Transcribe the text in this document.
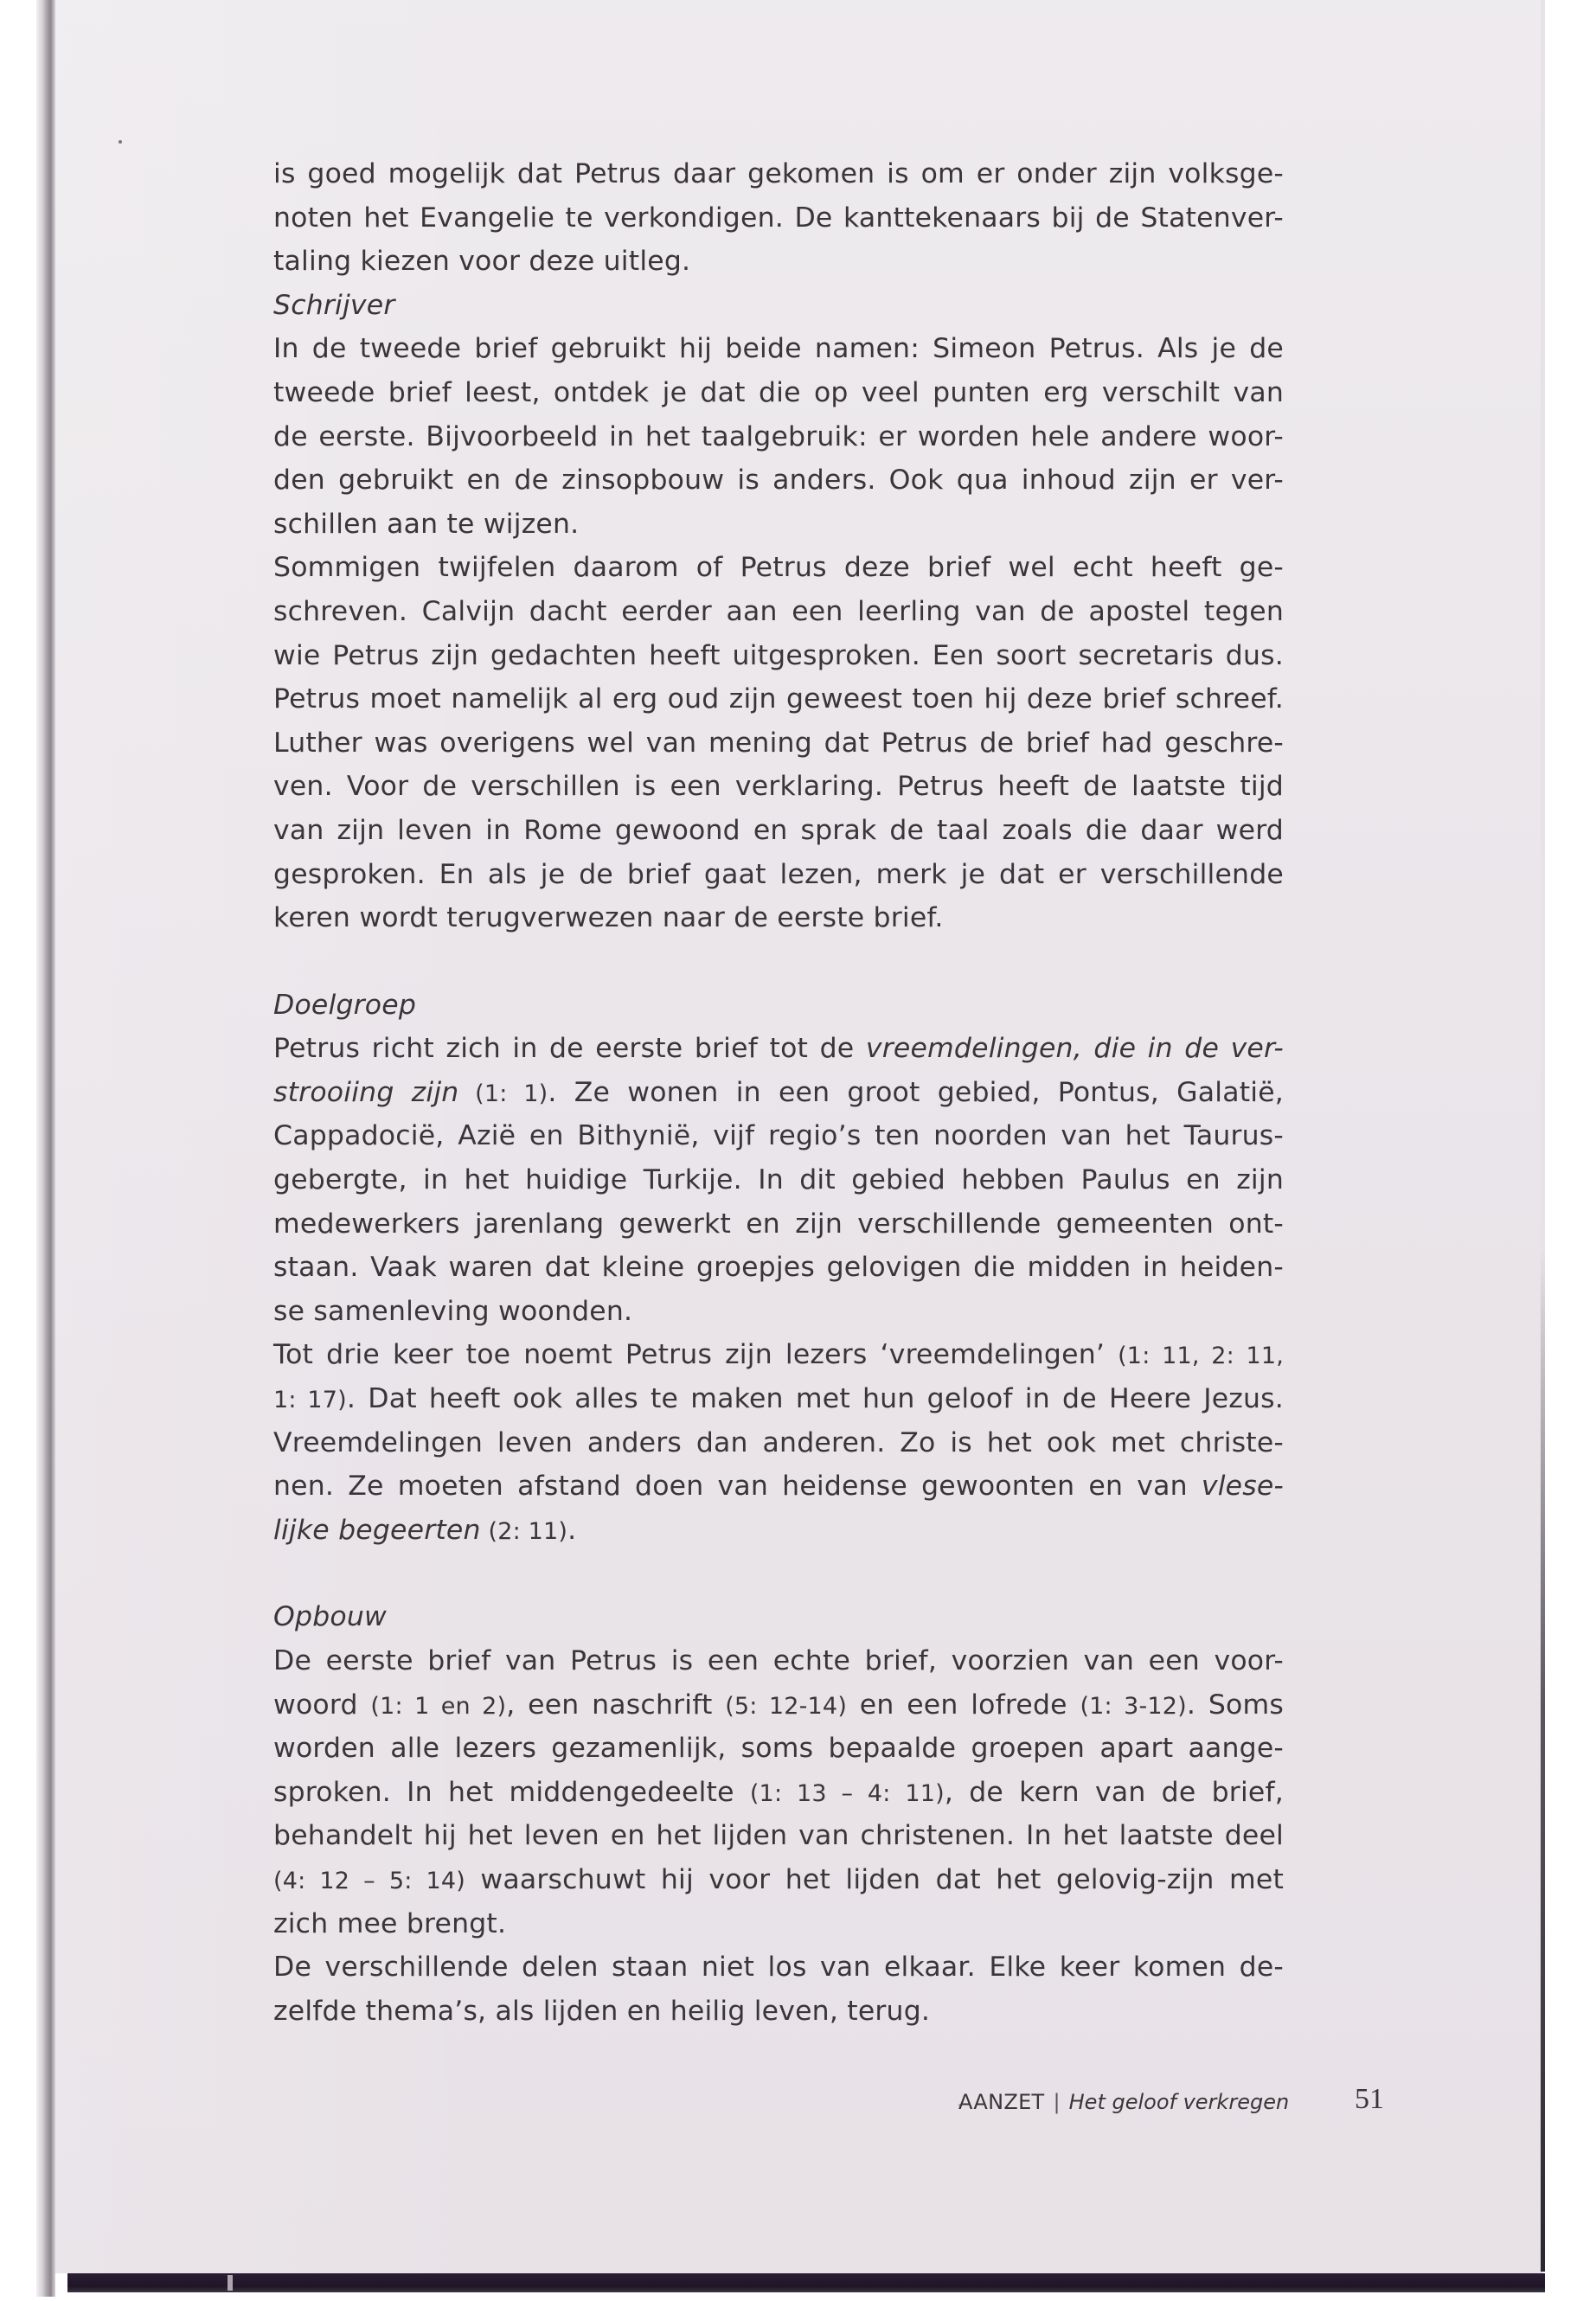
is goed mogelijk dat Petrus daar gekomen is om er onder zijn volksge-
noten het Evangelie te verkondigen. De kanttekenaars bij de Statenver-
taling kiezen voor deze uitleg.
Schrijver
In de tweede brief gebruikt hij beide namen: Simeon Petrus. Als je de
tweede brief leest, ontdek je dat die op veel punten erg verschilt van
de eerste. Bijvoorbeeld in het taalgebruik: er worden hele andere woor-
den gebruikt en de zinsopbouw is anders. Ook qua inhoud zijn er ver-
schillen aan te wijzen.
Sommigen twijfelen daarom of Petrus deze brief wel echt heeft ge-
schreven. Calvijn dacht eerder aan een leerling van de apostel tegen
wie Petrus zijn gedachten heeft uitgesproken. Een soort secretaris dus.
Petrus moet namelijk al erg oud zijn geweest toen hij deze brief schreef.
Luther was overigens wel van mening dat Petrus de brief had geschre-
ven. Voor de verschillen is een verklaring. Petrus heeft de laatste tijd
van zijn leven in Rome gewoond en sprak de taal zoals die daar werd
gesproken. En als je de brief gaat lezen, merk je dat er verschillende
keren wordt terugverwezen naar de eerste brief.
Doelgroep
Petrus richt zich in de eerste brief tot de vreemdelingen, die in de ver-
strooiing zijn (1: 1). Ze wonen in een groot gebied, Pontus, Galatië,
Cappadocië, Azië en Bithynië, vijf regio’s ten noorden van het Taurus-
gebergte, in het huidige Turkije. In dit gebied hebben Paulus en zijn
medewerkers jarenlang gewerkt en zijn verschillende gemeenten ont-
staan. Vaak waren dat kleine groepjes gelovigen die midden in heiden-
se samenleving woonden.
Tot drie keer toe noemt Petrus zijn lezers ‘vreemdelingen’ (1: 11, 2: 11,
1: 17). Dat heeft ook alles te maken met hun geloof in de Heere Jezus.
Vreemdelingen leven anders dan anderen. Zo is het ook met christe-
nen. Ze moeten afstand doen van heidense gewoonten en van vlese-
lijke begeerten (2: 11).
Opbouw
De eerste brief van Petrus is een echte brief, voorzien van een voor-
woord (1: 1 en 2), een naschrift (5: 12-14) en een lofrede (1: 3-12). Soms
worden alle lezers gezamenlijk, soms bepaalde groepen apart aange-
sproken. In het middengedeelte (1: 13 – 4: 11), de kern van de brief,
behandelt hij het leven en het lijden van christenen. In het laatste deel
(4: 12 – 5: 14) waarschuwt hij voor het lijden dat het gelovig-zijn met
zich mee brengt.
De verschillende delen staan niet los van elkaar. Elke keer komen de-
zelfde thema’s, als lijden en heilig leven, terug.
AANZET | Het geloof verkregen 51
